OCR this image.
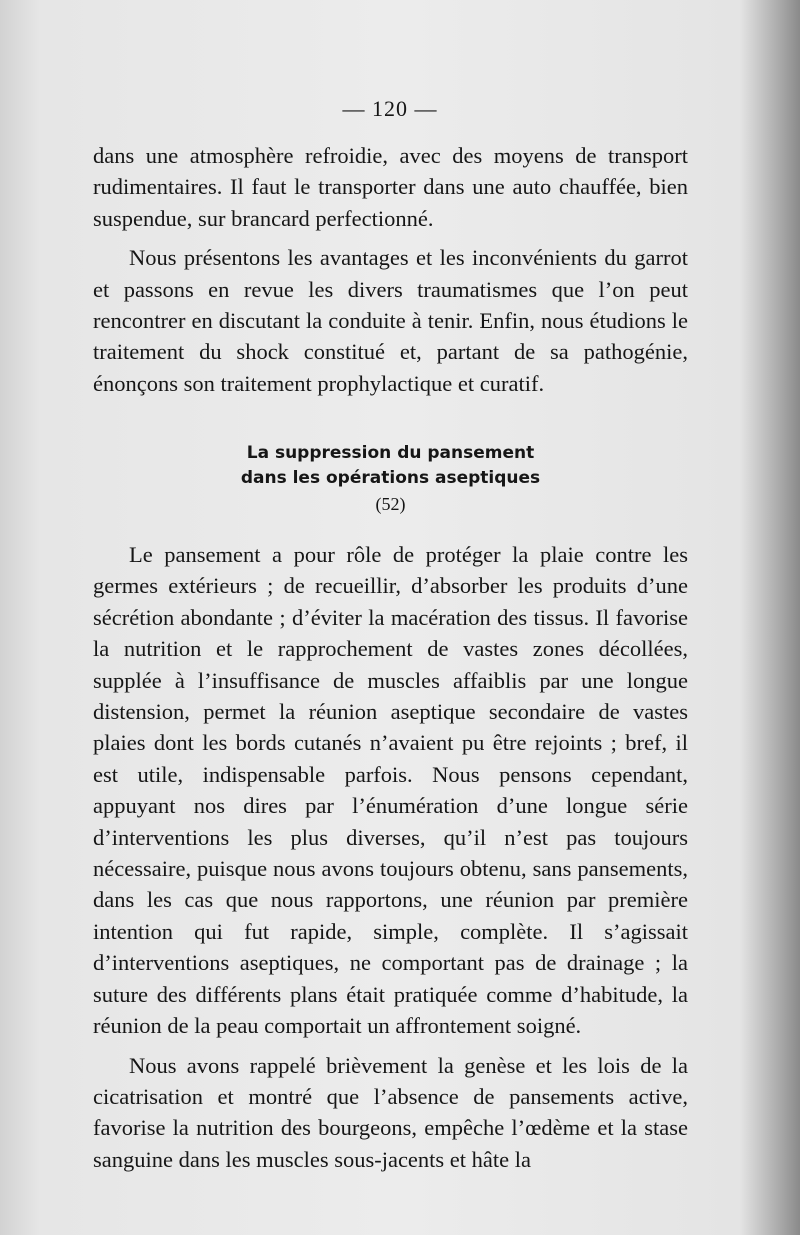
— 120 —

dans une atmosphère refroidie, avec des moyens de transport rudimentaires. Il faut le transporter dans une auto chauffée, bien suspendue, sur brancard perfectionné.

Nous présentons les avantages et les inconvénients du garrot et passons en revue les divers traumatismes que l’on peut rencontrer en discutant la conduite à tenir. Enfin, nous étudions le traitement du shock constitué et, partant de sa pathogénie, énonçons son traitement prophylactique et curatif.

La suppression du pansement
dans les opérations aseptiques
(52)

Le pansement a pour rôle de protéger la plaie contre les germes extérieurs ; de recueillir, d’absorber les produits d’une sécrétion abondante ; d’éviter la macération des tissus. Il favorise la nutrition et le rapprochement de vastes zones décollées, supplée à l’insuffisance de muscles affaiblis par une longue distension, permet la réunion aseptique secondaire de vastes plaies dont les bords cutanés n’avaient pu être rejoints ; bref, il est utile, indispensable parfois. Nous pensons cependant, appuyant nos dires par l’énumération d’une longue série d’interventions les plus diverses, qu’il n’est pas toujours nécessaire, puisque nous avons toujours obtenu, sans pansements, dans les cas que nous rapportons, une réunion par première intention qui fut rapide, simple, complète. Il s’agissait d’interventions aseptiques, ne comportant pas de drainage ; la suture des différents plans était pratiquée comme d’habitude, la réunion de la peau comportait un affrontement soigné.

Nous avons rappelé brièvement la genèse et les lois de la cicatrisation et montré que l’absence de pansements active, favorise la nutrition des bourgeons, empêche l’œdème et la stase sanguine dans les muscles sous-jacents et hâte la
